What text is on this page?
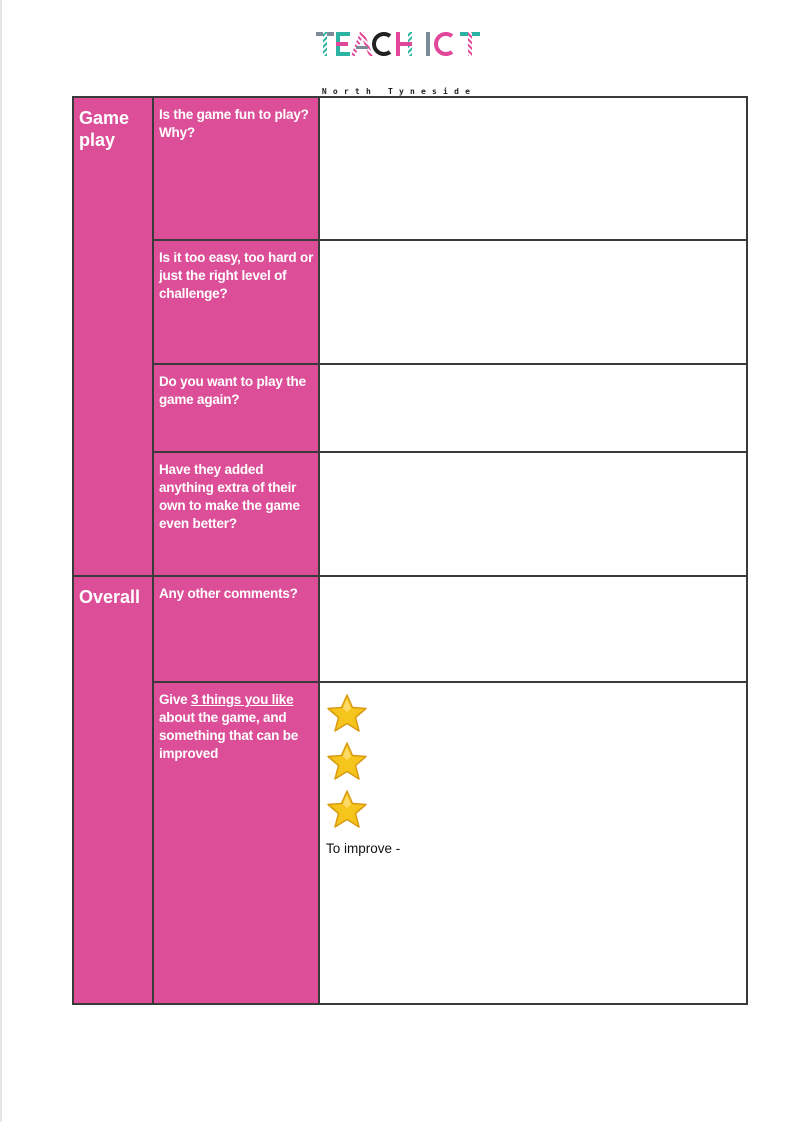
North Tyneside
Game play	Is the game fun to play? Why?	

	Is it too easy, too hard or just the right level of challenge?	

	Do you want to play the game again?	

	Have they added anything extra of their own to make the game even better?	

Overall	Any other comments?	

	Give 3 things you like about the game, and something that can be improved	To improve -
